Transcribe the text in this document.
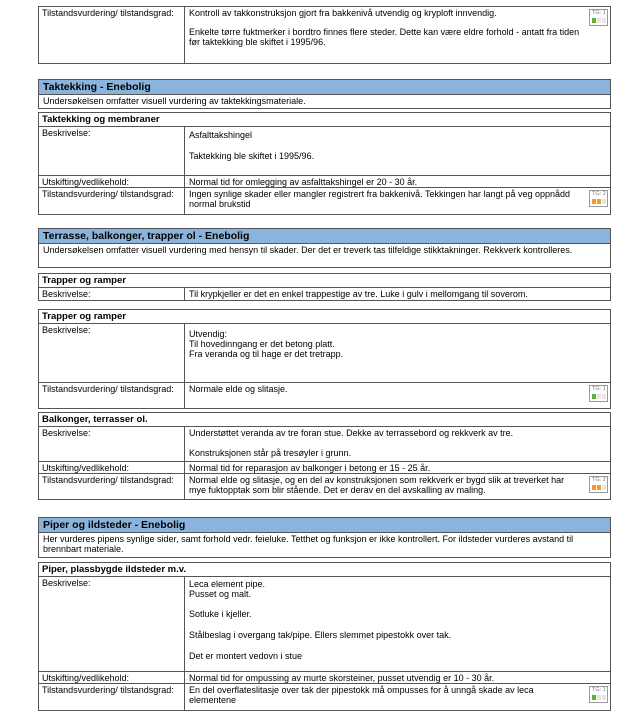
Tilstandsvurdering/ tilstandsgrad:	Kontroll av takkonstruksjon gjort fra bakkenivå utvendig og kryploft innvendig.

Enkelte tørre fuktmerker i bordtro finnes flere steder. Dette kan være eldre forhold - antatt fra tiden før taktekking ble skiftet i 1995/96.

TG: 1
Taktekking - Enebolig
Undersøkelsen omfatter visuell vurdering av taktekkingsmateriale.
Taktekking og membraner
Beskrivelse:	Asfalttakshingel

Taktekking ble skiftet i 1995/96.

Utskifting/vedlikehold:	Normal tid for omlegging av asfalttakshingel er 20 - 30 år.
Tilstandsvurdering/ tilstandsgrad:	Ingen synlige skader eller mangler registrert fra bakkenivå. Tekkingen har langt på veg oppnådd normal brukstid

TG: 2
Terrasse, balkonger, trapper ol - Enebolig
Undersøkelsen omfatter visuell vurdering med hensyn til skader. Der det er treverk tas tilfeldige stikktakninger. Rekkverk kontrolleres.
Trapper og ramper
Beskrivelse:	Til krypkjeller er det en enkel trappestige av tre. Luke i gulv i mellomgang til soverom.
Trapper og ramper
Beskrivelse:	Utvendig:

Til hovedinngang er det betong platt.

Fra veranda og til hage er det tretrapp.

Tilstandsvurdering/ tilstandsgrad:	Normale elde og slitasje.	TG: 1
Balkonger, terrasser ol.
Beskrivelse:	Understøttet veranda av tre foran stue. Dekke av terrassebord og rekkverk av tre.

Konstruksjonen står på tresøyler i grunn.

Utskifting/vedlikehold:	Normal tid for reparasjon av balkonger i betong er 15 - 25 år.
Tilstandsvurdering/ tilstandsgrad:	Normal elde og slitasje, og en del av konstruksjonen som rekkverk er bygd slik at treverket har mye fuktopptak som blir stående. Det er derav en del avskalling av maling.

TG: 2
Piper og ildsteder - Enebolig
Her vurderes pipens synlige sider, samt forhold vedr. feieluke. Tetthet og funksjon er ikke kontrollert. For ildsteder vurderes avstand til brennbart materiale.
Piper, plassbygde ildsteder m.v.
Beskrivelse:	Leca element pipe.

Pusset og malt.

Sotluke i kjeller.

Stålbeslag i overgang tak/pipe. Ellers slemmet pipestokk over tak.

Det er montert vedovn i stue

Utskifting/vedlikehold:	Normal tid for ompussing av murte skorsteiner, pusset utvendig er 10 - 30 år.
Tilstandsvurdering/ tilstandsgrad:	En del overflateslitasje over tak der pipestokk må ompusses for å unngå skade av leca elementene

TG: 1
